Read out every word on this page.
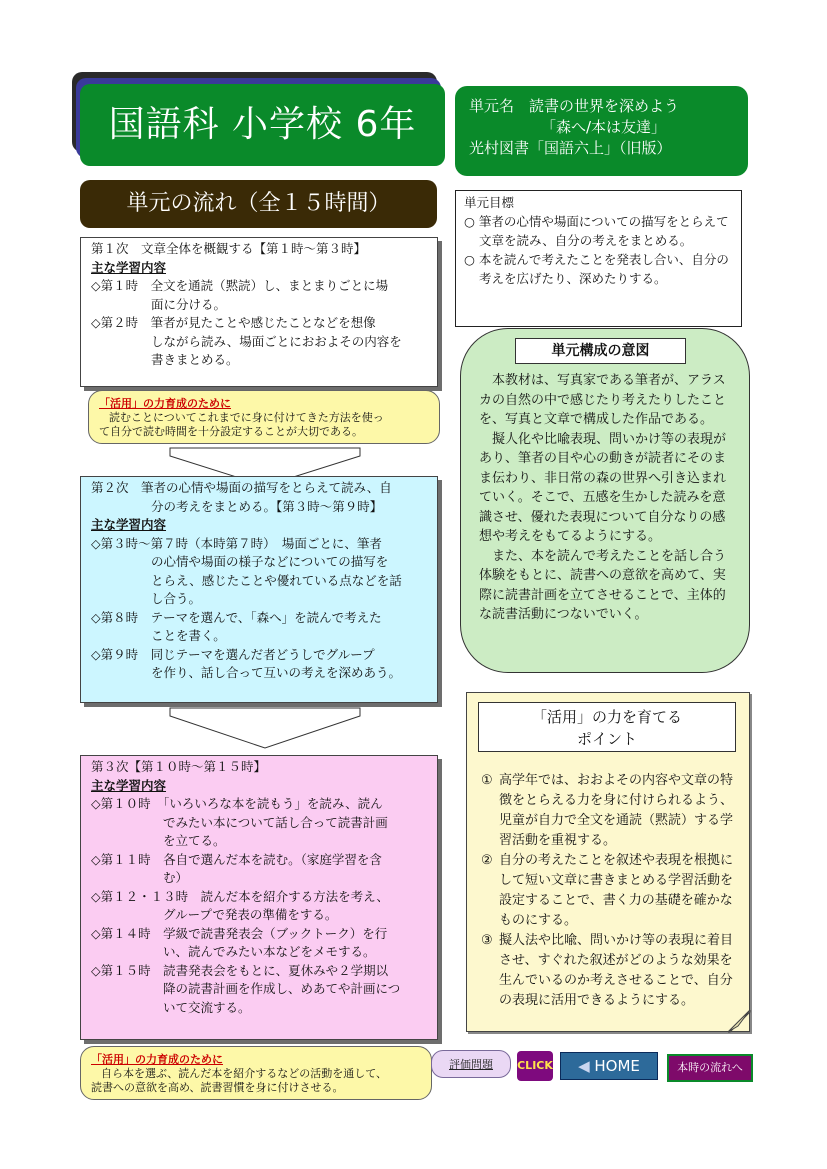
国語科 小学校 6年	単元名　読書の世界を深めよう
「森へ/本は友達」
光村図書「国語六上」（旧版）
単元の流れ（全１５時間）	単元目標
○ 筆者の心情や場面についての描写をとらえて文章を読み、自分の考えをまとめる。
○ 本を読んで考えたことを発表し合い、自分の考えを広げたり、深めたりする。
第１次　文章全体を概観する【第１時～第３時】
主な学習内容
◇第１時　全文を通読（黙読）し、まとまりごとに場
面に分ける。
◇第２時　筆者が見たことや感じたことなどを想像
しながら読み、場面ごとにおおよその内容を
書きまとめる。
「活用」の力育成のために
読むことについてこれまでに身に付けてきた方法を使っ
て自分で読む時間を十分設定することが大切である。
第２次　筆者の心情や場面の描写をとらえて読み、自
分の考えをまとめる。【第３時～第９時】
主な学習内容
◇第３時～第７時（本時第７時）　場面ごとに、筆者
の心情や場面の様子などについての描写を
とらえ、感じたことや優れている点などを話
し合う。
◇第８時　テーマを選んで、「森へ」を読んで考えた
ことを書く。
◇第９時　同じテーマを選んだ者どうしでグループ
を作り、話し合って互いの考えを深めあう。
第３次【第１０時～第１５時】
主な学習内容
◇第１０時　「いろいろな本を読もう」を読み、読ん
でみたい本について話し合って読書計画
を立てる。
◇第１１時　各自で選んだ本を読む。（家庭学習を含
む）
◇第１２・１３時　読んだ本を紹介する方法を考え、
グループで発表の準備をする。
◇第１４時　学級で読書発表会（ブックトーク）を行
い、読んでみたい本などをメモする。
◇第１５時　読書発表会をもとに、夏休みや２学期以
降の読書計画を作成し、めあてや計画につ
いて交流する。
「活用」の力育成のために
自ら本を選ぶ、読んだ本を紹介するなどの活動を通して、
読書への意欲を高め、読書習慣を身に付けさせる。
本教材は、写真家である筆者が、アラスカの自然の中で感じたり考えたりしたことを、写真と文章で構成した作品である。
擬人化や比喩表現、問いかけ等の表現があり、筆者の目や心の動きが読者にそのまま伝わり、非日常の森の世界へ引き込まれていく。そこで、五感を生かした読みを意識させ、優れた表現について自分なりの感想や考えをもてるようにする。
また、本を読んで考えたことを話し合う体験をもとに、読書への意欲を高めて、実際に読書計画を立てさせることで、主体的な読書活動につないでいく。
単元構成の意図
① 高学年では、おおよその内容や文章の特徴をとらえる力を身に付けられるよう、児童が自力で全文を通読（黙読）する学習活動を重視する。
② 自分の考えたことを叙述や表現を根拠にして短い文章に書きまとめる学習活動を設定することで、書く力の基礎を確かなものにする。
③ 擬人法や比喩、問いかけ等の表現に着目させ、すぐれた叙述がどのような効果を生んでいるのか考えさせることで、自分の表現に活用できるようにする。
「活用」の力を育てる
ポイント
評価問題	CLICK	◀ HOME	本時の流れへ
